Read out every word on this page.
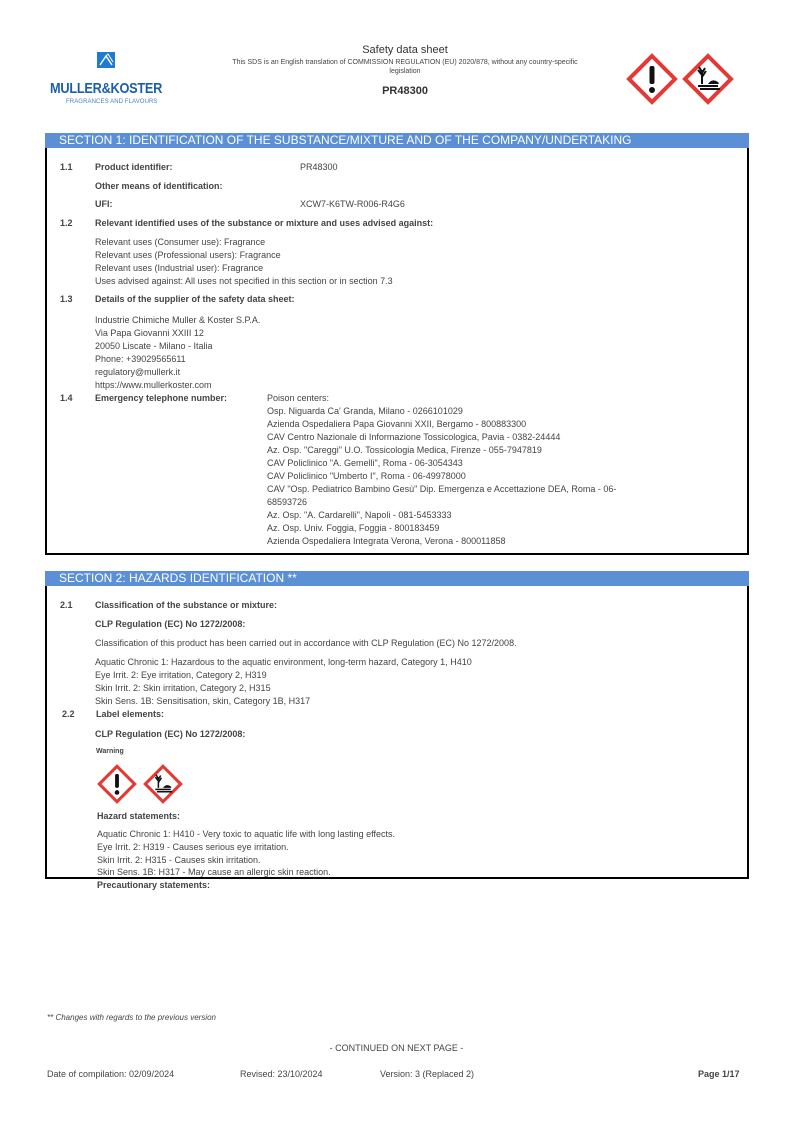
MULLER&KOSTER
FRAGRANCES AND FLAVOURS
Safety data sheet
This SDS is an English translation of COMMISSION REGULATION (EU) 2020/878, without any country-specific legislation
PR48300
SECTION 1: IDENTIFICATION OF THE SUBSTANCE/MIXTURE AND OF THE COMPANY/UNDERTAKING
1.1 Product identifier:	PR48300
Other means of identification:
UFI:	XCW7-K6TW-R006-R4G6
1.2 Relevant identified uses of the substance or mixture and uses advised against:
Relevant uses (Consumer use): Fragrance
Relevant uses (Professional users): Fragrance
Relevant uses (Industrial user): Fragrance
Uses advised against: All uses not specified in this section or in section 7.3
1.3 Details of the supplier of the safety data sheet:
Industrie Chimiche Muller & Koster S.P.A.
Via Papa Giovanni XXIII 12
20050 Liscate - Milano - Italia
Phone: +39029565611
regulatory@mullerk.it
https://www.mullerkoster.com
1.4 Emergency telephone number:	Poison centers:
Osp. Niguarda Ca' Granda, Milano - 0266101029
Azienda Ospedaliera Papa Giovanni XXII, Bergamo - 800883300
CAV Centro Nazionale di Informazione Tossicologica, Pavia - 0382-24444
Az. Osp. "Careggi" U.O. Tossicologia Medica, Firenze - 055-7947819
CAV Policlinico "A. Gemelli", Roma - 06-3054343
CAV Policlinico "Umberto I", Roma - 06-49978000
CAV "Osp. Pediatrico Bambino Gesù" Dip. Emergenza e Accettazione DEA, Roma - 06-
68593726
Az. Osp. "A. Cardarelli", Napoli - 081-5453333
Az. Osp. Univ. Foggia, Foggia - 800183459
Azienda Ospedaliera Integrata Verona, Verona - 800011858
SECTION 2: HAZARDS IDENTIFICATION **
2.1 Classification of the substance or mixture:
CLP Regulation (EC) No 1272/2008:
Classification of this product has been carried out in accordance with CLP Regulation (EC) No 1272/2008.
Aquatic Chronic 1: Hazardous to the aquatic environment, long-term hazard, Category 1, H410
Eye Irrit. 2: Eye irritation, Category 2, H319
Skin Irrit. 2: Skin irritation, Category 2, H315
Skin Sens. 1B: Sensitisation, skin, Category 1B, H317
2.2 Label elements:
CLP Regulation (EC) No 1272/2008:
Warning
Hazard statements:
Aquatic Chronic 1: H410 - Very toxic to aquatic life with long lasting effects.
Eye Irrit. 2: H319 - Causes serious eye irritation.
Skin Irrit. 2: H315 - Causes skin irritation.
Skin Sens. 1B: H317 - May cause an allergic skin reaction.
Precautionary statements:
** Changes with regards to the previous version
- CONTINUED ON NEXT PAGE -
Date of compilation: 02/09/2024	Revised: 23/10/2024	Version: 3 (Replaced 2)	Page 1/17
